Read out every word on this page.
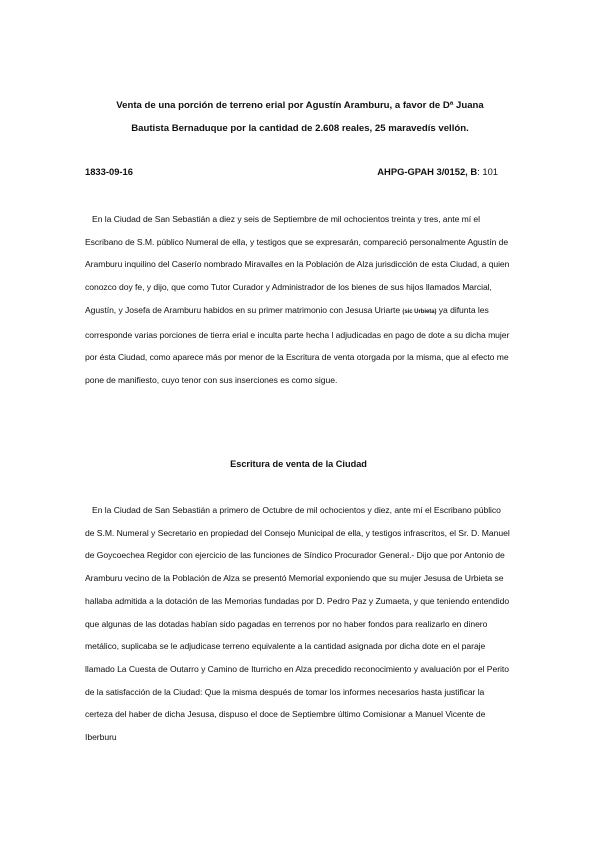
Venta de una porción de terreno erial por Agustín Aramburu, a favor de Dª Juana
Bautista Bernaduque por la cantidad de 2.608 reales, 25 maravedís vellón.
1833-09-16	AHPG-GPAH 3/0152, B: 101

En la Ciudad de San Sebastián a diez y seis de Septiembre de mil ochocientos treinta y tres, ante mí el Escribano de S.M. público Numeral de ella, y testigos que se expresarán, compareció personalmente Agustín de Aramburu inquilino del Caserío nombrado Miravalles en la Población de Alza jurisdicción de esta Ciudad, a quien conozco doy fe, y dijo, que como Tutor Curador y Administrador de los bienes de sus hijos llamados Marcial, Agustín, y Josefa de Aramburu habidos en su primer matrimonio con Jesusa Uriarte (sic Urbieta) ya difunta les corresponde varias porciones de tierra erial e inculta parte hecha l adjudicadas en pago de dote a su dicha mujer por ésta Ciudad, como aparece más por menor de la Escritura de venta otorgada por la misma, que al efecto me pone de manifiesto, cuyo tenor con sus inserciones es como sigue.

Escritura de venta de la Ciudad

En la Ciudad de San Sebastián a primero de Octubre de mil ochocientos y diez, ante mí el Escribano público de S.M. Numeral y Secretario en propiedad del Consejo Municipal de ella, y testigos infrascritos, el Sr. D. Manuel de Goycoechea Regidor con ejercicio de las funciones de Síndico Procurador General.- Dijo que por Antonio de Aramburu vecino de la Población de Alza se presentó Memorial exponiendo que su mujer Jesusa de Urbieta se hallaba admitida a la dotación de las Memorias fundadas por D. Pedro Paz y Zumaeta, y que teniendo entendido que algunas de las dotadas habían sido pagadas en terrenos por no haber fondos para realizarlo en dinero metálico, suplicaba se le adjudicase terreno equivalente a la cantidad asignada por dicha dote en el paraje llamado La Cuesta de Outarro y Camino de Iturricho en Alza precedido reconocimiento y avaluación por el Perito de la satisfacción de la Ciudad: Que la misma después de tomar los informes necesarios hasta justificar la certeza del haber de dicha Jesusa, dispuso el doce de Septiembre último Comisionar a Manuel Vicente de Iberburu
